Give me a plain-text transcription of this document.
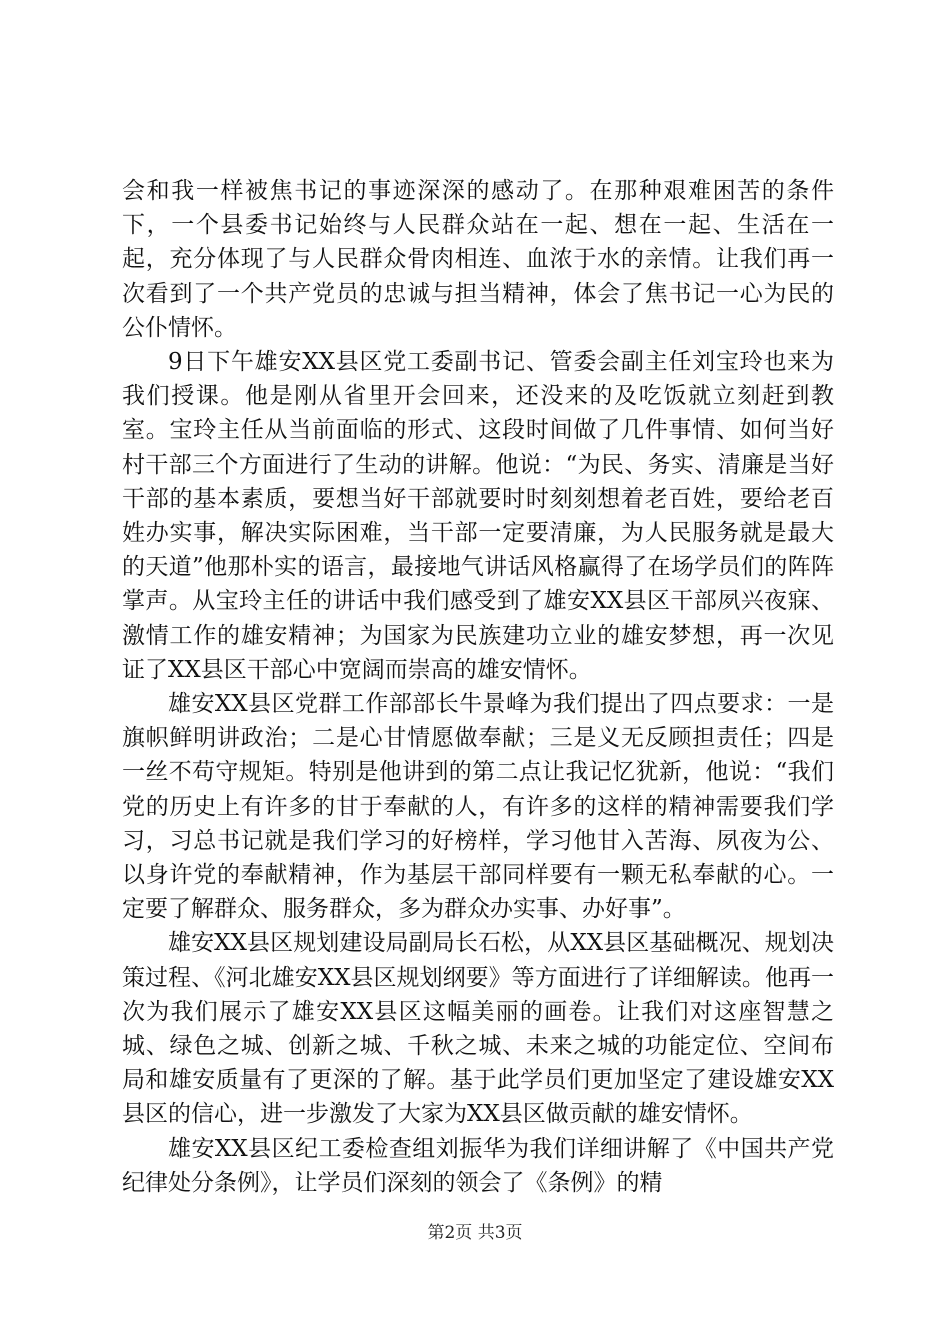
会和我一样被焦书记的事迹深深的感动了。在那种艰难困苦的条件下，一个县委书记始终与人民群众站在一起、想在一起、生活在一起，充分体现了与人民群众骨肉相连、血浓于水的亲情。让我们再一次看到了一个共产党员的忠诚与担当精神，体会了焦书记一心为民的公仆情怀。

9日下午雄安XX县区党工委副书记、管委会副主任刘宝玲也来为我们授课。他是刚从省里开会回来，还没来的及吃饭就立刻赶到教室。宝玲主任从当前面临的形式、这段时间做了几件事情、如何当好村干部三个方面进行了生动的讲解。他说：“为民、务实、清廉是当好干部的基本素质，要想当好干部就要时时刻刻想着老百姓，要给老百姓办实事，解决实际困难，当干部一定要清廉，为人民服务就是最大的天道”他那朴实的语言，最接地气讲话风格赢得了在场学员们的阵阵掌声。从宝玲主任的讲话中我们感受到了雄安XX县区干部夙兴夜寐、激情工作的雄安精神；为国家为民族建功立业的雄安梦想，再一次见证了XX县区干部心中宽阔而崇高的雄安情怀。

雄安XX县区党群工作部部长牛景峰为我们提出了四点要求：一是旗帜鲜明讲政治；二是心甘情愿做奉献；三是义无反顾担责任；四是一丝不苟守规矩。特别是他讲到的第二点让我记忆犹新，他说：“我们党的历史上有许多的甘于奉献的人，有许多的这样的精神需要我们学习，习总书记就是我们学习的好榜样，学习他甘入苦海、夙夜为公、以身许党的奉献精神，作为基层干部同样要有一颗无私奉献的心。一定要了解群众、服务群众，多为群众办实事、办好事”。

雄安XX县区规划建设局副局长石松，从XX县区基础概况、规划决策过程、《河北雄安XX县区规划纲要》等方面进行了详细解读。他再一次为我们展示了雄安XX县区这幅美丽的画卷。让我们对这座智慧之城、绿色之城、创新之城、千秋之城、未来之城的功能定位、空间布局和雄安质量有了更深的了解。基于此学员们更加坚定了建设雄安XX县区的信心，进一步激发了大家为XX县区做贡献的雄安情怀。

雄安XX县区纪工委检查组刘振华为我们详细讲解了《中国共产党纪律处分条例》，让学员们深刻的领会了《条例》的精

第2页 共3页
